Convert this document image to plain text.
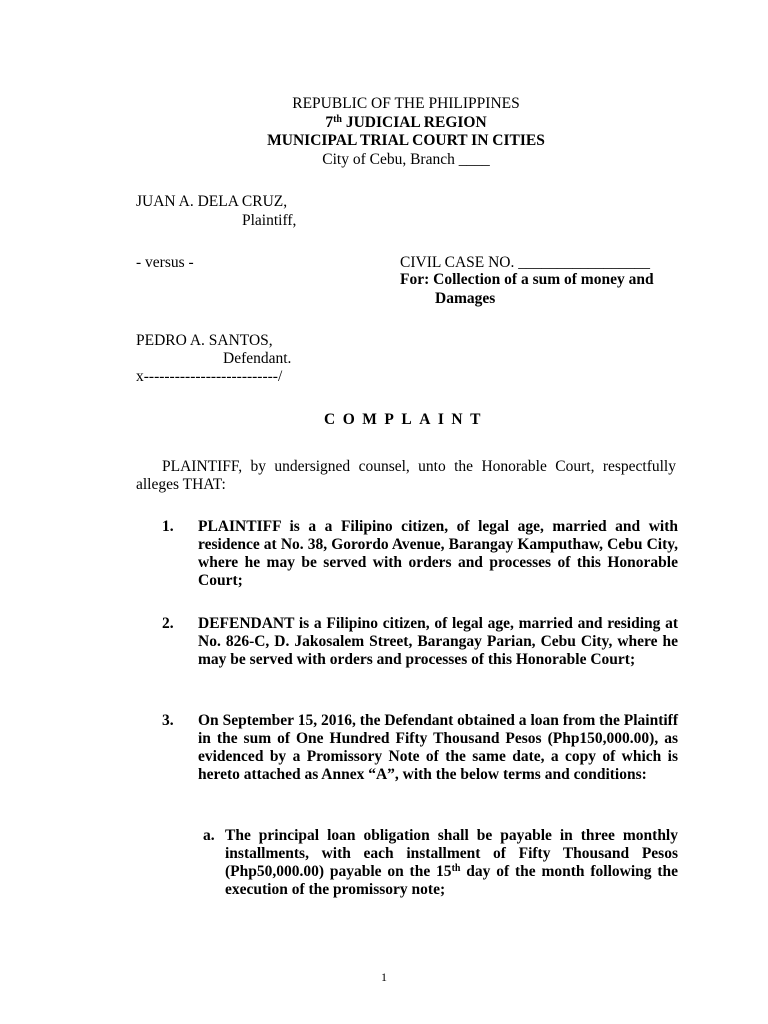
REPUBLIC OF THE PHILIPPINES
7th JUDICIAL REGION
MUNICIPAL TRIAL COURT IN CITIES
City of Cebu, Branch ____
JUAN A. DELA CRUZ,
Plaintiff,
- versus -	CIVIL CASE NO. _________________
For: Collection of a sum of money and
Damages
PEDRO A. SANTOS,
Defendant.
x--------------------------/
COMPLAINT
PLAINTIFF, by undersigned counsel, unto the Honorable Court, respectfully alleges THAT:
1. PLAINTIFF is a a Filipino citizen, of legal age, married and with residence at No. 38, Gorordo Avenue, Barangay Kamputhaw, Cebu City, where he may be served with orders and processes of this Honorable Court;
2. DEFENDANT is a Filipino citizen, of legal age, married and residing at No. 826-C, D. Jakosalem Street, Barangay Parian, Cebu City, where he may be served with orders and processes of this Honorable Court;
3. On September 15, 2016, the Defendant obtained a loan from the Plaintiff in the sum of One Hundred Fifty Thousand Pesos (Php150,000.00), as evidenced by a Promissory Note of the same date, a copy of which is hereto attached as Annex “A”, with the below terms and conditions:
a. The principal loan obligation shall be payable in three monthly installments, with each installment of Fifty Thousand Pesos (Php50,000.00) payable on the 15th day of the month following the execution of the promissory note;
1
